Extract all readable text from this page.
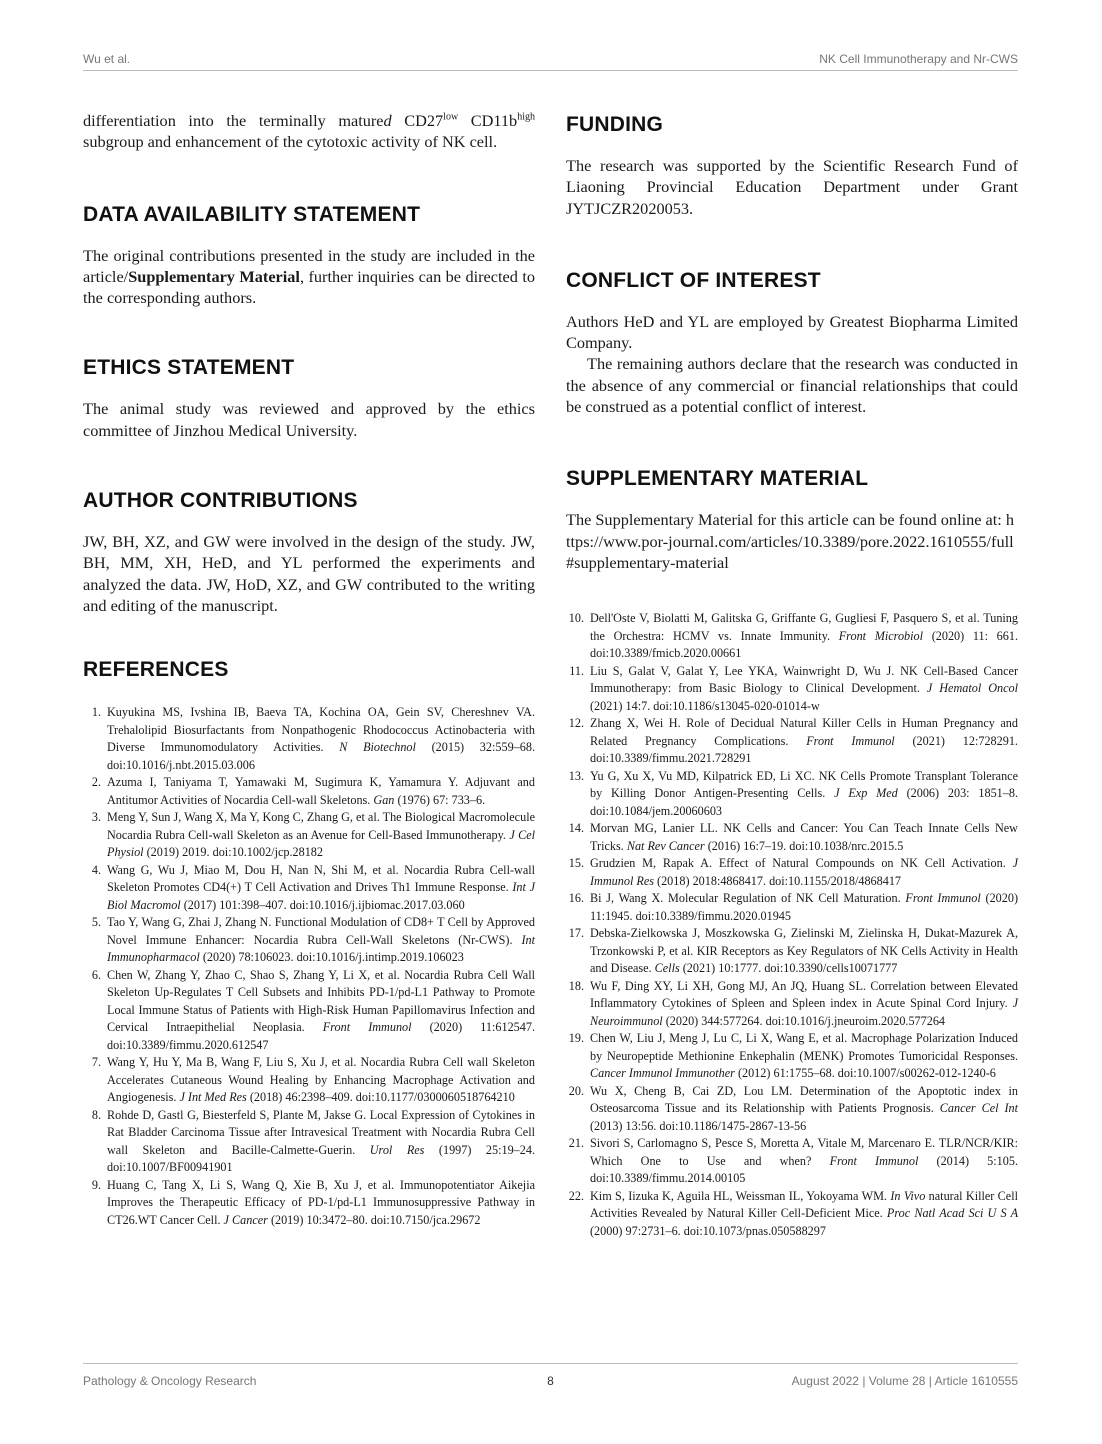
Wu et al.	NK Cell Immunotherapy and Nr-CWS

differentiation into the terminally matured $CD27^{low}$ $CD11b^{high}$ subgroup and enhancement of the cytotoxic activity of NK cell.

DATA AVAILABILITY STATEMENT

The original contributions presented in the study are included in the article/Supplementary Material, further inquiries can be directed to the corresponding authors.

ETHICS STATEMENT

The animal study was reviewed and approved by the ethics committee of Jinzhou Medical University.

AUTHOR CONTRIBUTIONS

JW, BH, XZ, and GW were involved in the design of the study. JW, BH, MM, XH, HeD, and YL performed the experiments and analyzed the data. JW, HoD, XZ, and GW contributed to the writing and editing of the manuscript.

REFERENCES
1. Kuyukina MS, Ivshina IB, Baeva TA, Kochina OA, Gein SV, Chereshnev VA. Trehalolipid Biosurfactants from Nonpathogenic Rhodococcus Actinobacteria with Diverse Immunomodulatory Activities. N Biotechnol (2015) 32:559–68. doi:10.1016/j.nbt.2015.03.006
2. Azuma I, Taniyama T, Yamawaki M, Sugimura K, Yamamura Y. Adjuvant and Antitumor Activities of Nocardia Cell-wall Skeletons. Gan (1976) 67: 733–6.
3. Meng Y, Sun J, Wang X, Ma Y, Kong C, Zhang G, et al. The Biological Macromolecule Nocardia Rubra Cell-wall Skeleton as an Avenue for Cell-Based Immunotherapy. J Cel Physiol (2019) 2019. doi:10.1002/jcp.28182
4. Wang G, Wu J, Miao M, Dou H, Nan N, Shi M, et al. Nocardia Rubra Cell-wall Skeleton Promotes CD4(+) T Cell Activation and Drives Th1 Immune Response. Int J Biol Macromol (2017) 101:398–407. doi:10.1016/j.ijbiomac.2017.03.060
5. Tao Y, Wang G, Zhai J, Zhang N. Functional Modulation of CD8+ T Cell by Approved Novel Immune Enhancer: Nocardia Rubra Cell-Wall Skeletons (Nr-CWS). Int Immunopharmacol (2020) 78:106023. doi:10.1016/j.intimp.2019.106023
6. Chen W, Zhang Y, Zhao C, Shao S, Zhang Y, Li X, et al. Nocardia Rubra Cell Wall Skeleton Up-Regulates T Cell Subsets and Inhibits PD-1/pd-L1 Pathway to Promote Local Immune Status of Patients with High-Risk Human Papillomavirus Infection and Cervical Intraepithelial Neoplasia. Front Immunol (2020) 11:612547. doi:10.3389/fimmu.2020.612547
7. Wang Y, Hu Y, Ma B, Wang F, Liu S, Xu J, et al. Nocardia Rubra Cell wall Skeleton Accelerates Cutaneous Wound Healing by Enhancing Macrophage Activation and Angiogenesis. J Int Med Res (2018) 46:2398–409. doi:10.1177/0300060518764210
8. Rohde D, Gastl G, Biesterfeld S, Plante M, Jakse G. Local Expression of Cytokines in Rat Bladder Carcinoma Tissue after Intravesical Treatment with Nocardia Rubra Cell wall Skeleton and Bacille-Calmette-Guerin. Urol Res (1997) 25:19–24. doi:10.1007/BF00941901
9. Huang C, Tang X, Li S, Wang Q, Xie B, Xu J, et al. Immunopotentiator Aikejia Improves the Therapeutic Efficacy of PD-1/pd-L1 Immunosuppressive Pathway in CT26.WT Cancer Cell. J Cancer (2019) 10:3472–80. doi:10.7150/jca.29672
FUNDING

The research was supported by the Scientific Research Fund of Liaoning Provincial Education Department under Grant JYTJCZR2020053.

CONFLICT OF INTEREST

Authors HeD and YL are employed by Greatest Biopharma Limited Company.

The remaining authors declare that the research was conducted in the absence of any commercial or financial relationships that could be construed as a potential conflict of interest.

SUPPLEMENTARY MATERIAL

The Supplementary Material for this article can be found online at: https://www.por-journal.com/articles/10.3389/pore.2022.1610555/full#supplementary-material

10. Dell'Oste V, Biolatti M, Galitska G, Griffante G, Gugliesi F, Pasquero S, et al. Tuning the Orchestra: HCMV vs. Innate Immunity. Front Microbiol (2020) 11: 661. doi:10.3389/fmicb.2020.00661
11. Liu S, Galat V, Galat Y, Lee YKA, Wainwright D, Wu J. NK Cell-Based Cancer Immunotherapy: from Basic Biology to Clinical Development. J Hematol Oncol (2021) 14:7. doi:10.1186/s13045-020-01014-w
12. Zhang X, Wei H. Role of Decidual Natural Killer Cells in Human Pregnancy and Related Pregnancy Complications. Front Immunol (2021) 12:728291. doi:10.3389/fimmu.2021.728291
13. Yu G, Xu X, Vu MD, Kilpatrick ED, Li XC. NK Cells Promote Transplant Tolerance by Killing Donor Antigen-Presenting Cells. J Exp Med (2006) 203: 1851–8. doi:10.1084/jem.20060603
14. Morvan MG, Lanier LL. NK Cells and Cancer: You Can Teach Innate Cells New Tricks. Nat Rev Cancer (2016) 16:7–19. doi:10.1038/nrc.2015.5
15. Grudzien M, Rapak A. Effect of Natural Compounds on NK Cell Activation. J Immunol Res (2018) 2018:4868417. doi:10.1155/2018/4868417
16. Bi J, Wang X. Molecular Regulation of NK Cell Maturation. Front Immunol (2020) 11:1945. doi:10.3389/fimmu.2020.01945
17. Debska-Zielkowska J, Moszkowska G, Zielinski M, Zielinska H, Dukat-Mazurek A, Trzonkowski P, et al. KIR Receptors as Key Regulators of NK Cells Activity in Health and Disease. Cells (2021) 10:1777. doi:10.3390/cells10071777
18. Wu F, Ding XY, Li XH, Gong MJ, An JQ, Huang SL. Correlation between Elevated Inflammatory Cytokines of Spleen and Spleen index in Acute Spinal Cord Injury. J Neuroimmunol (2020) 344:577264. doi:10.1016/j.jneuroim.2020.577264
19. Chen W, Liu J, Meng J, Lu C, Li X, Wang E, et al. Macrophage Polarization Induced by Neuropeptide Methionine Enkephalin (MENK) Promotes Tumoricidal Responses. Cancer Immunol Immunother (2012) 61:1755–68. doi:10.1007/s00262-012-1240-6
20. Wu X, Cheng B, Cai ZD, Lou LM. Determination of the Apoptotic index in Osteosarcoma Tissue and its Relationship with Patients Prognosis. Cancer Cel Int (2013) 13:56. doi:10.1186/1475-2867-13-56
21. Sivori S, Carlomagno S, Pesce S, Moretta A, Vitale M, Marcenaro E. TLR/NCR/KIR: Which One to Use and when? Front Immunol (2014) 5:105. doi:10.3389/fimmu.2014.00105
22. Kim S, Iizuka K, Aguila HL, Weissman IL, Yokoyama WM. In Vivo natural Killer Cell Activities Revealed by Natural Killer Cell-Deficient Mice. Proc Natl Acad Sci U S A (2000) 97:2731–6. doi:10.1073/pnas.050588297
Pathology & Oncology Research	8	August 2022 | Volume 28 | Article 1610555
